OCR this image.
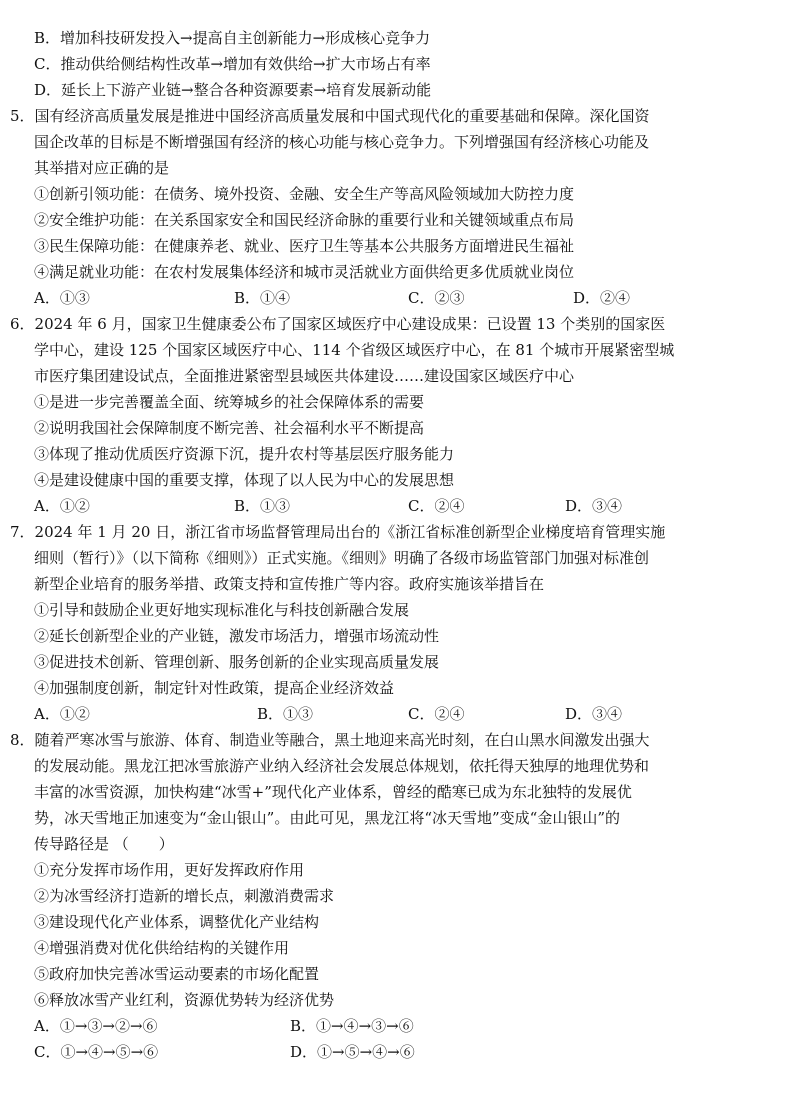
B．增加科技研发投入→提高自主创新能力→形成核心竞争力
C．推动供给侧结构性改革→增加有效供给→扩大市场占有率
D．延长上下游产业链→整合各种资源要素→培育发展新动能
5．国有经济高质量发展是推进中国经济高质量发展和中国式现代化的重要基础和保障。深化国资
国企改革的目标是不断增强国有经济的核心功能与核心竞争力。下列增强国有经济核心功能及
其举措对应正确的是
①创新引领功能：在债务、境外投资、金融、安全生产等高风险领域加大防控力度
②安全维护功能：在关系国家安全和国民经济命脉的重要行业和关键领域重点布局
③民生保障功能：在健康养老、就业、医疗卫生等基本公共服务方面增进民生福祉
④满足就业功能：在农村发展集体经济和城市灵活就业方面供给更多优质就业岗位
A．①③	B．①④	C．②③	D．②④
6．2024 年 6 月，国家卫生健康委公布了国家区域医疗中心建设成果：已设置 13 个类别的国家医
学中心，建设 125 个国家区域医疗中心、114 个省级区域医疗中心，在 81 个城市开展紧密型城
市医疗集团建设试点，全面推进紧密型县域医共体建设……建设国家区域医疗中心
①是进一步完善覆盖全面、统筹城乡的社会保障体系的需要
②说明我国社会保障制度不断完善、社会福利水平不断提高
③体现了推动优质医疗资源下沉，提升农村等基层医疗服务能力
④是建设健康中国的重要支撑，体现了以人民为中心的发展思想
A．①②	B．①③	C．②④	D．③④
7．2024 年 1 月 20 日，浙江省市场监督管理局出台的《浙江省标准创新型企业梯度培育管理实施
细则（暂行）》（以下简称《细则》）正式实施。《细则》明确了各级市场监管部门加强对标准创
新型企业培育的服务举措、政策支持和宣传推广等内容。政府实施该举措旨在
①引导和鼓励企业更好地实现标准化与科技创新融合发展
②延长创新型企业的产业链，激发市场活力，增强市场流动性
③促进技术创新、管理创新、服务创新的企业实现高质量发展
④加强制度创新，制定针对性政策，提高企业经济效益
A．①②	B．①③	C．②④	D．③④
8．随着严寒冰雪与旅游、体育、制造业等融合，黑土地迎来高光时刻，在白山黑水间激发出强大
的发展动能。黑龙江把冰雪旅游产业纳入经济社会发展总体规划，依托得天独厚的地理优势和
丰富的冰雪资源，加快构建“冰雪+”现代化产业体系，曾经的酷寒已成为东北独特的发展优
势，冰天雪地正加速变为“金山银山”。由此可见，黑龙江将“冰天雪地”变成“金山银山”的
传导路径是 （　　）
①充分发挥市场作用，更好发挥政府作用
②为冰雪经济打造新的增长点，刺激消费需求
③建设现代化产业体系，调整优化产业结构
④增强消费对优化供给结构的关键作用
⑤政府加快完善冰雪运动要素的市场化配置
⑥释放冰雪产业红利，资源优势转为经济优势
A．①→③→②→⑥	B．①→④→③→⑥
C．①→④→⑤→⑥	D．①→⑤→④→⑥
